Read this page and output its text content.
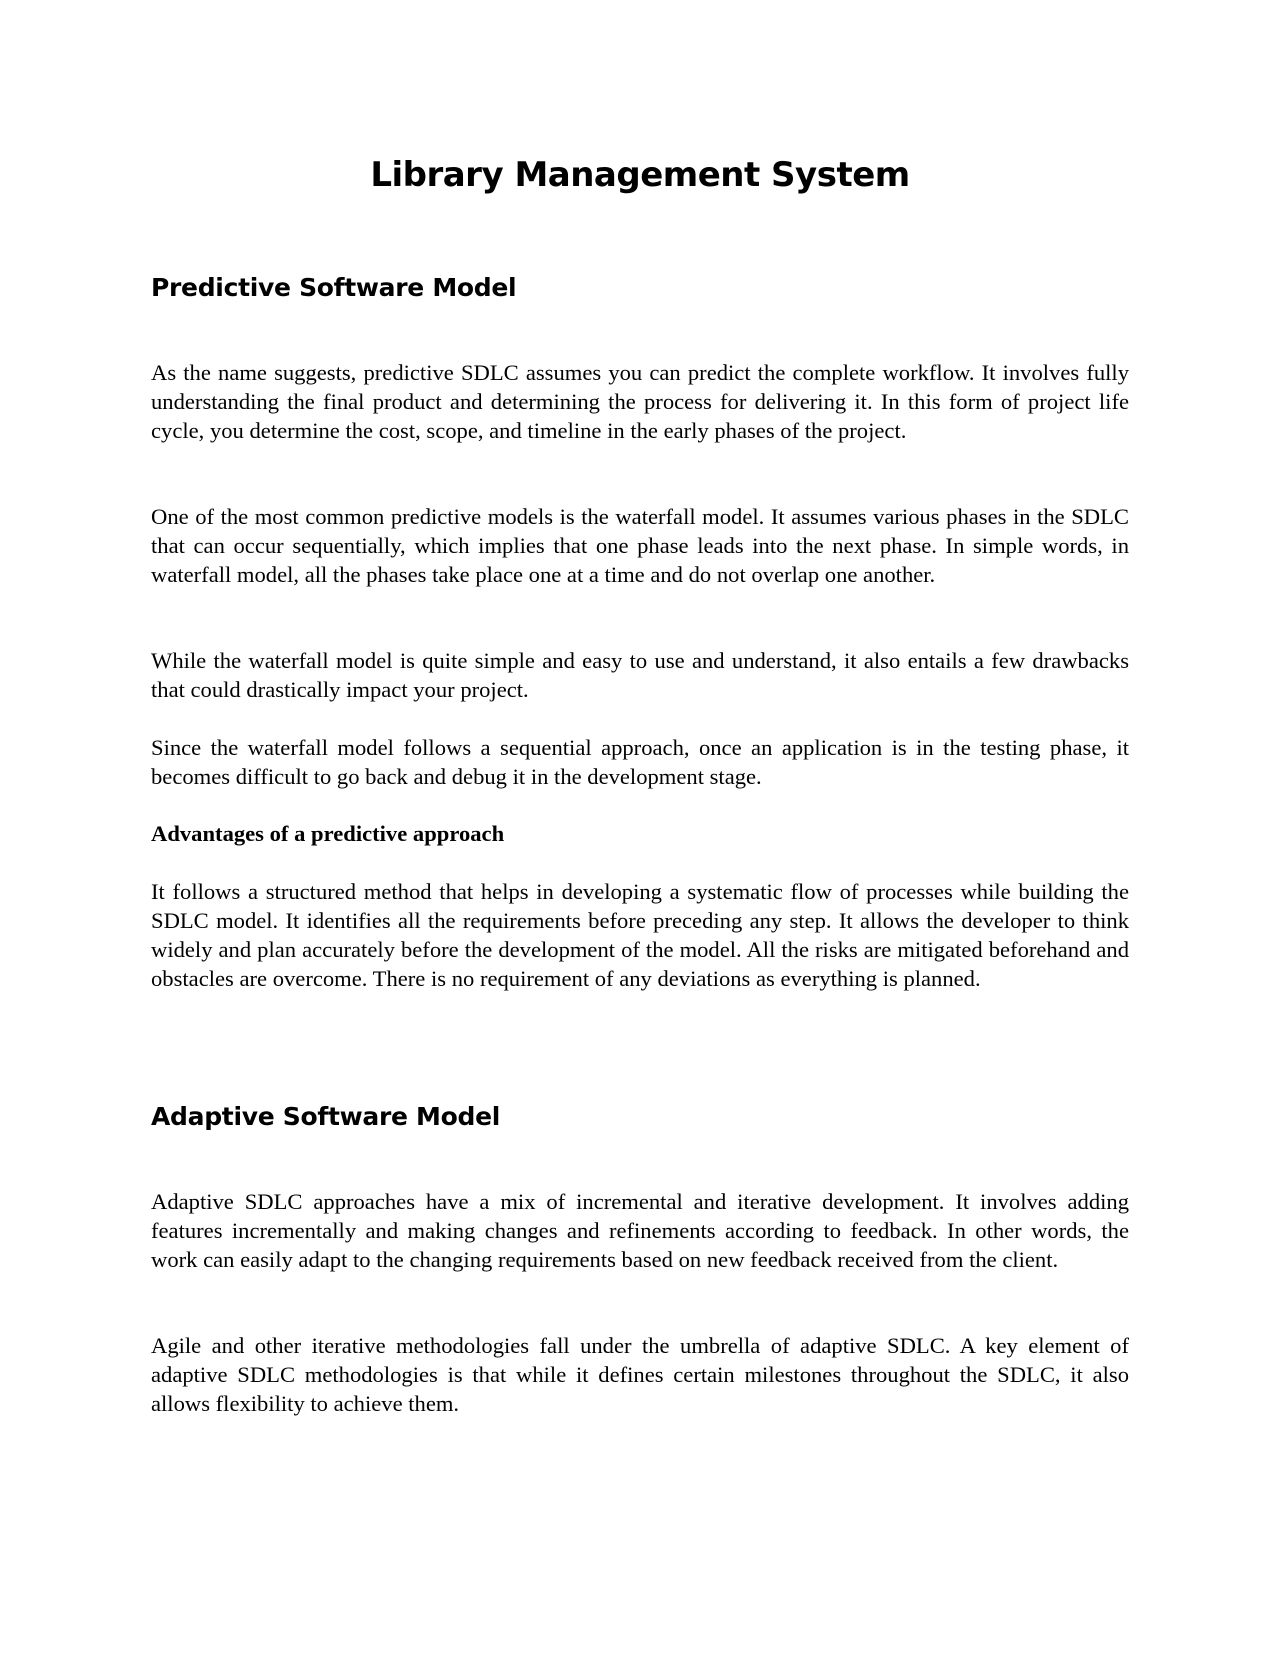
Library Management System
Predictive Software Model

As the name suggests, predictive SDLC assumes you can predict the complete workflow. It involves fully understanding the final product and determining the process for delivering it. In this form of project life cycle, you determine the cost, scope, and timeline in the early phases of the project.

One of the most common predictive models is the waterfall model. It assumes various phases in the SDLC that can occur sequentially, which implies that one phase leads into the next phase. In simple words, in waterfall model, all the phases take place one at a time and do not overlap one another.

While the waterfall model is quite simple and easy to use and understand, it also entails a few drawbacks that could drastically impact your project.

Since the waterfall model follows a sequential approach, once an application is in the testing phase, it becomes difficult to go back and debug it in the development stage.

Advantages of a predictive approach

It follows a structured method that helps in developing a systematic flow of processes while building the SDLC model. It identifies all the requirements before preceding any step. It allows the developer to think widely and plan accurately before the development of the model. All the risks are mitigated beforehand and obstacles are overcome. There is no requirement of any deviations as everything is planned.

Adaptive Software Model

Adaptive SDLC approaches have a mix of incremental and iterative development. It involves adding features incrementally and making changes and refinements according to feedback. In other words, the work can easily adapt to the changing requirements based on new feedback received from the client.

Agile and other iterative methodologies fall under the umbrella of adaptive SDLC. A key element of adaptive SDLC methodologies is that while it defines certain milestones throughout the SDLC, it also allows flexibility to achieve them.
